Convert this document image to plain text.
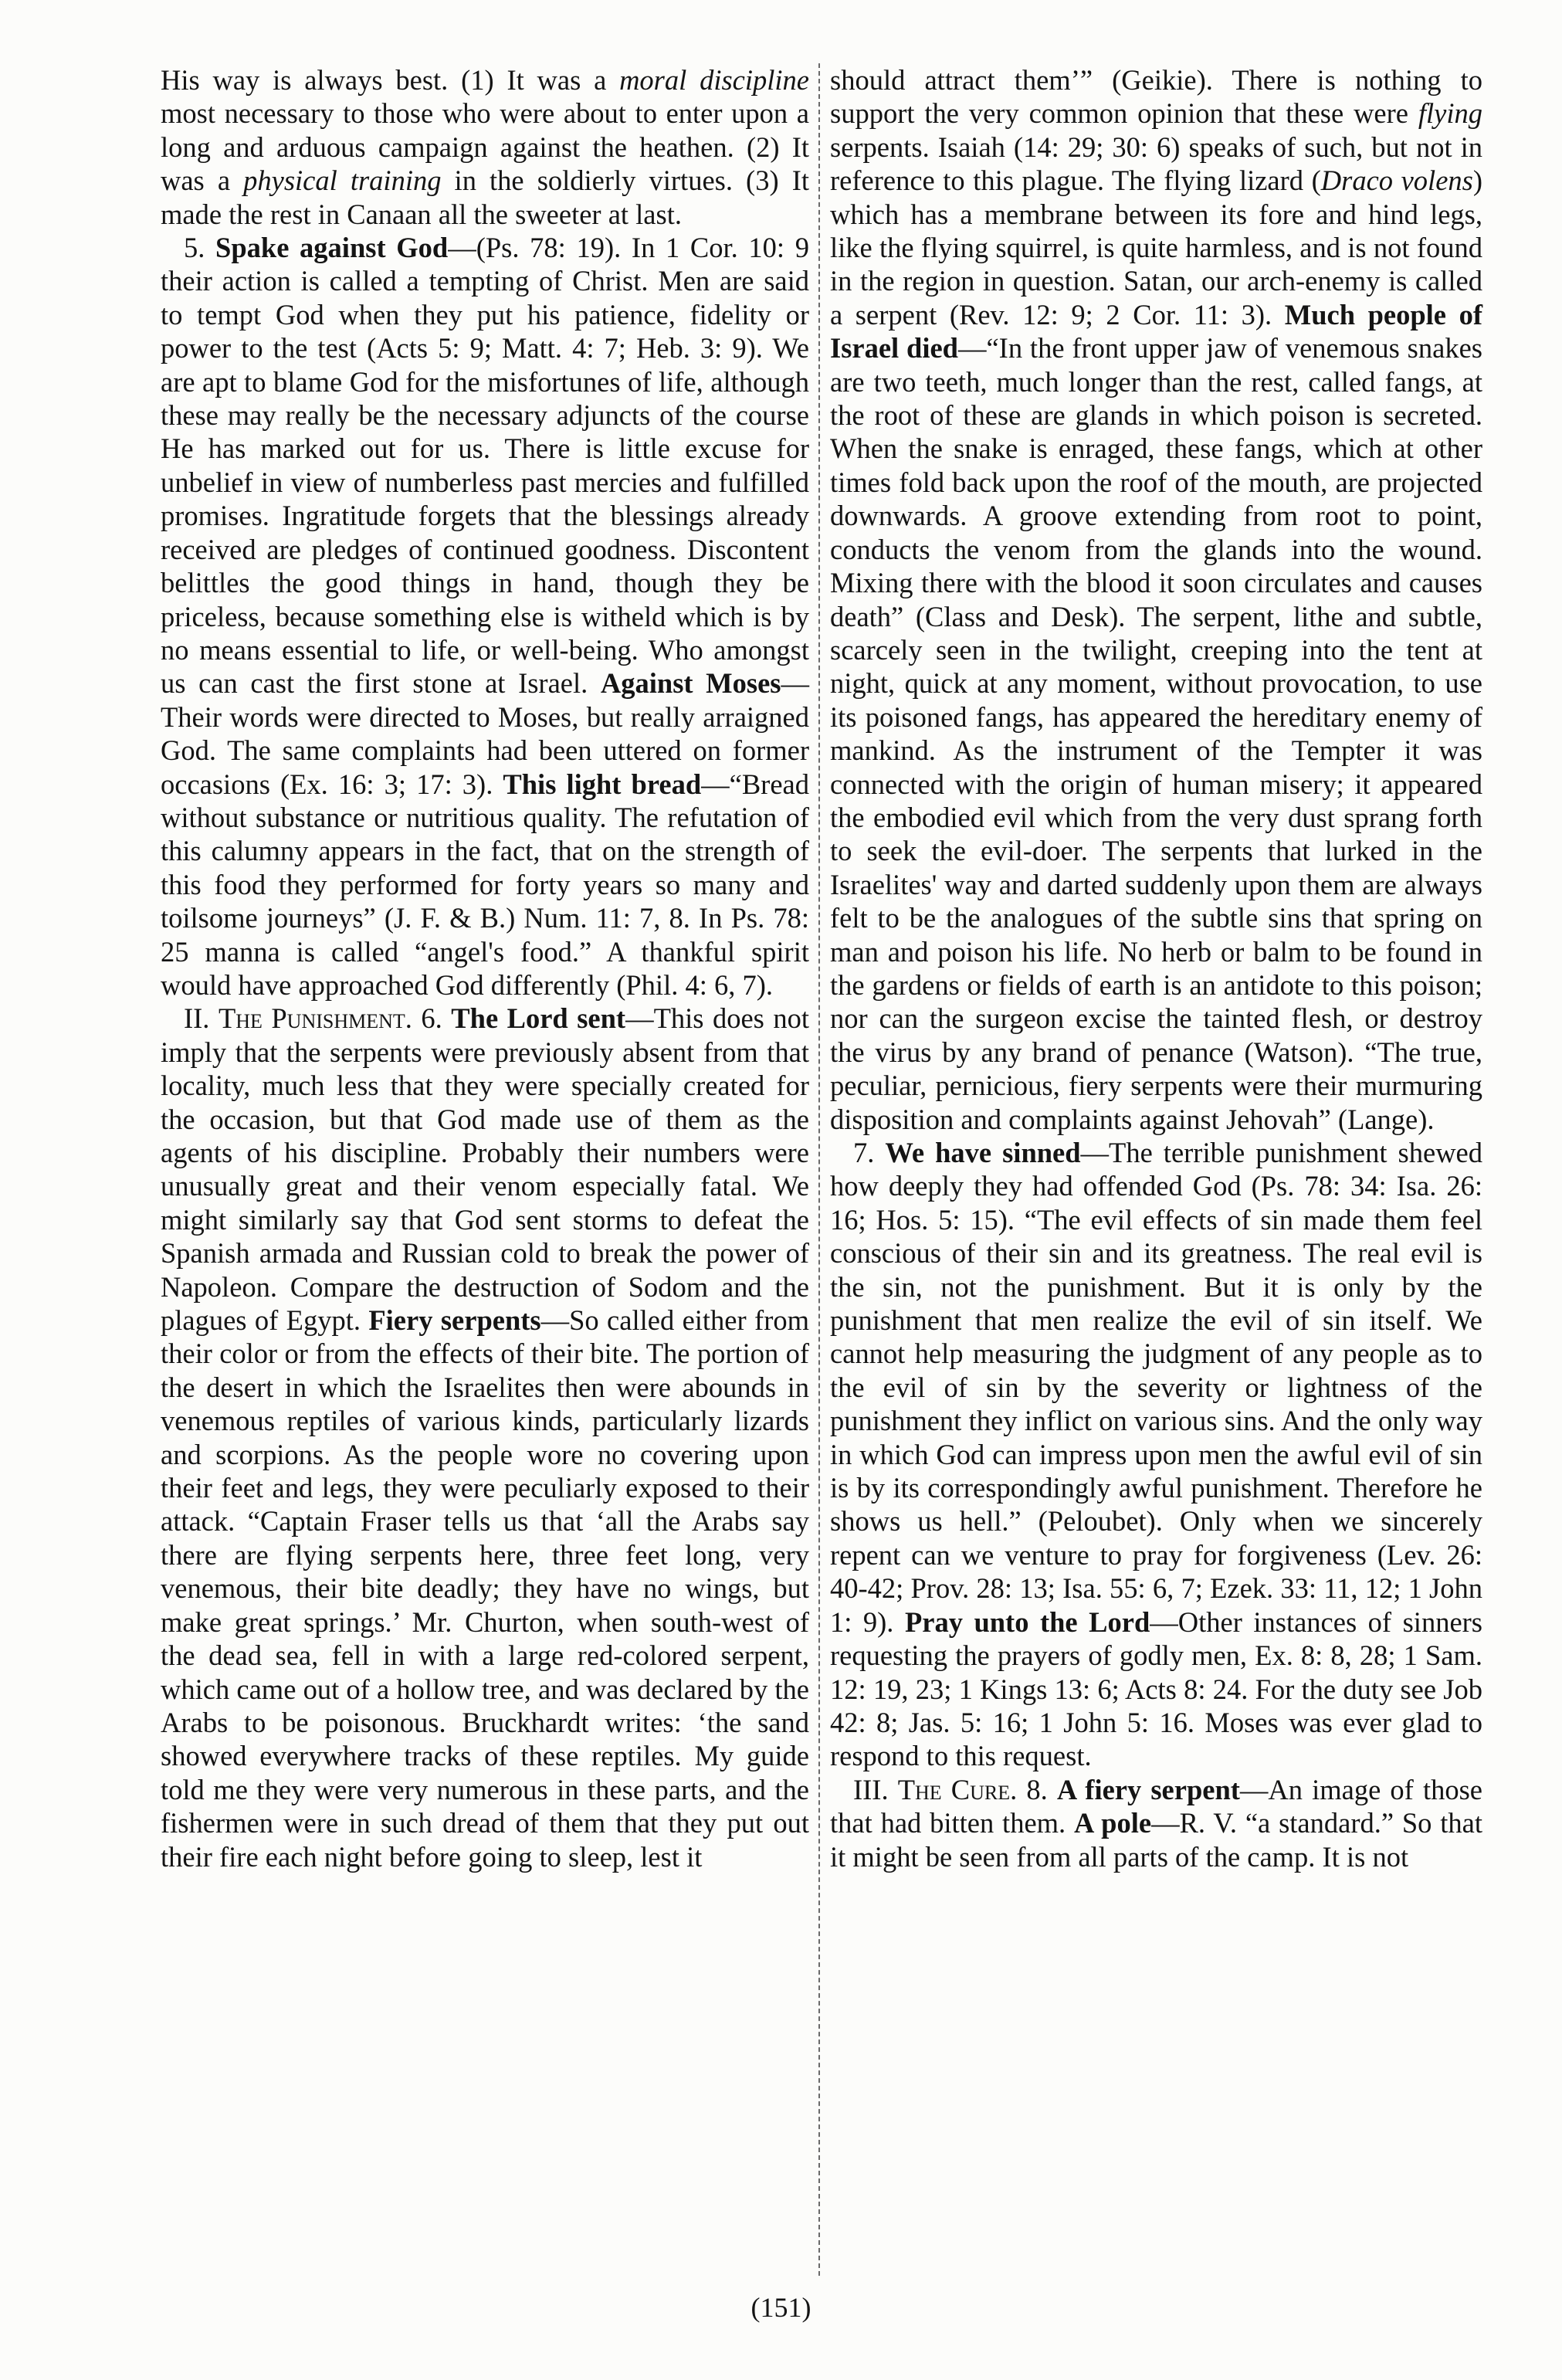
His way is always best. (1) It was a moral discipline most necessary to those who were about to enter upon a long and arduous campaign against the heathen. (2) It was a physical training in the soldierly virtues. (3) It made the rest in Canaan all the sweeter at last.

5. Spake against God—(Ps. 78: 19). In 1 Cor. 10: 9 their action is called a tempting of Christ. Men are said to tempt God when they put his patience, fidelity or power to the test (Acts 5: 9; Matt. 4: 7; Heb. 3: 9). We are apt to blame God for the misfortunes of life, although these may really be the necessary adjuncts of the course He has marked out for us. There is little excuse for unbelief in view of numberless past mercies and fulfilled promises. Ingratitude forgets that the blessings already received are pledges of continued goodness. Discontent belittles the good things in hand, though they be priceless, because something else is witheld which is by no means essential to life, or well-being. Who amongst us can cast the first stone at Israel. Against Moses—Their words were directed to Moses, but really arraigned God. The same complaints had been uttered on former occasions (Ex. 16: 3; 17: 3). This light bread—“Bread without substance or nutritious quality. The refutation of this calumny appears in the fact, that on the strength of this food they performed for forty years so many and toilsome journeys” (J. F. & B.) Num. 11: 7, 8. In Ps. 78: 25 manna is called “angel's food.” A thankful spirit would have approached God differently (Phil. 4: 6, 7).

II. The Punishment. 6. The Lord sent—This does not imply that the serpents were previously absent from that locality, much less that they were specially created for the occasion, but that God made use of them as the agents of his discipline. Probably their numbers were unusually great and their venom especially fatal. We might similarly say that God sent storms to defeat the Spanish armada and Russian cold to break the power of Napoleon. Compare the destruction of Sodom and the plagues of Egypt. Fiery serpents—So called either from their color or from the effects of their bite. The portion of the desert in which the Israelites then were abounds in venemous reptiles of various kinds, particularly lizards and scorpions. As the people wore no covering upon their feet and legs, they were peculiarly exposed to their attack. “Captain Fraser tells us that ‘all the Arabs say there are flying serpents here, three feet long, very venemous, their bite deadly; they have no wings, but make great springs.’ Mr. Churton, when south-west of the dead sea, fell in with a large red-colored serpent, which came out of a hollow tree, and was declared by the Arabs to be poisonous. Bruckhardt writes: ‘the sand showed everywhere tracks of these reptiles. My guide told me they were very numerous in these parts, and the fishermen were in such dread of them that they put out their fire each night before going to sleep, lest it

should attract them’” (Geikie). There is nothing to support the very common opinion that these were flying serpents. Isaiah (14: 29; 30: 6) speaks of such, but not in reference to this plague. The flying lizard (Draco volens) which has a membrane between its fore and hind legs, like the flying squirrel, is quite harmless, and is not found in the region in question. Satan, our arch-enemy is called a serpent (Rev. 12: 9; 2 Cor. 11: 3). Much people of Israel died—“In the front upper jaw of venemous snakes are two teeth, much longer than the rest, called fangs, at the root of these are glands in which poison is secreted. When the snake is enraged, these fangs, which at other times fold back upon the roof of the mouth, are projected downwards. A groove extending from root to point, conducts the venom from the glands into the wound. Mixing there with the blood it soon circulates and causes death” (Class and Desk). The serpent, lithe and subtle, scarcely seen in the twilight, creeping into the tent at night, quick at any moment, without provocation, to use its poisoned fangs, has appeared the hereditary enemy of mankind. As the instrument of the Tempter it was connected with the origin of human misery; it appeared the embodied evil which from the very dust sprang forth to seek the evil-doer. The serpents that lurked in the Israelites' way and darted suddenly upon them are always felt to be the analogues of the subtle sins that spring on man and poison his life. No herb or balm to be found in the gardens or fields of earth is an antidote to this poison; nor can the surgeon excise the tainted flesh, or destroy the virus by any brand of penance (Watson). “The true, peculiar, pernicious, fiery serpents were their murmuring disposition and complaints against Jehovah” (Lange).

7. We have sinned—The terrible punishment shewed how deeply they had offended God (Ps. 78: 34: Isa. 26: 16; Hos. 5: 15). “The evil effects of sin made them feel conscious of their sin and its greatness. The real evil is the sin, not the punishment. But it is only by the punishment that men realize the evil of sin itself. We cannot help measuring the judgment of any people as to the evil of sin by the severity or lightness of the punishment they inflict on various sins. And the only way in which God can impress upon men the awful evil of sin is by its correspondingly awful punishment. Therefore he shows us hell.” (Peloubet). Only when we sincerely repent can we venture to pray for forgiveness (Lev. 26: 40-42; Prov. 28: 13; Isa. 55: 6, 7; Ezek. 33: 11, 12; 1 John 1: 9). Pray unto the Lord—Other instances of sinners requesting the prayers of godly men, Ex. 8: 8, 28; 1 Sam. 12: 19, 23; 1 Kings 13: 6; Acts 8: 24. For the duty see Job 42: 8; Jas. 5: 16; 1 John 5: 16. Moses was ever glad to respond to this request.

III. The Cure. 8. A fiery serpent—An image of those that had bitten them. A pole—R. V. “a standard.” So that it might be seen from all parts of the camp. It is not

(151)
